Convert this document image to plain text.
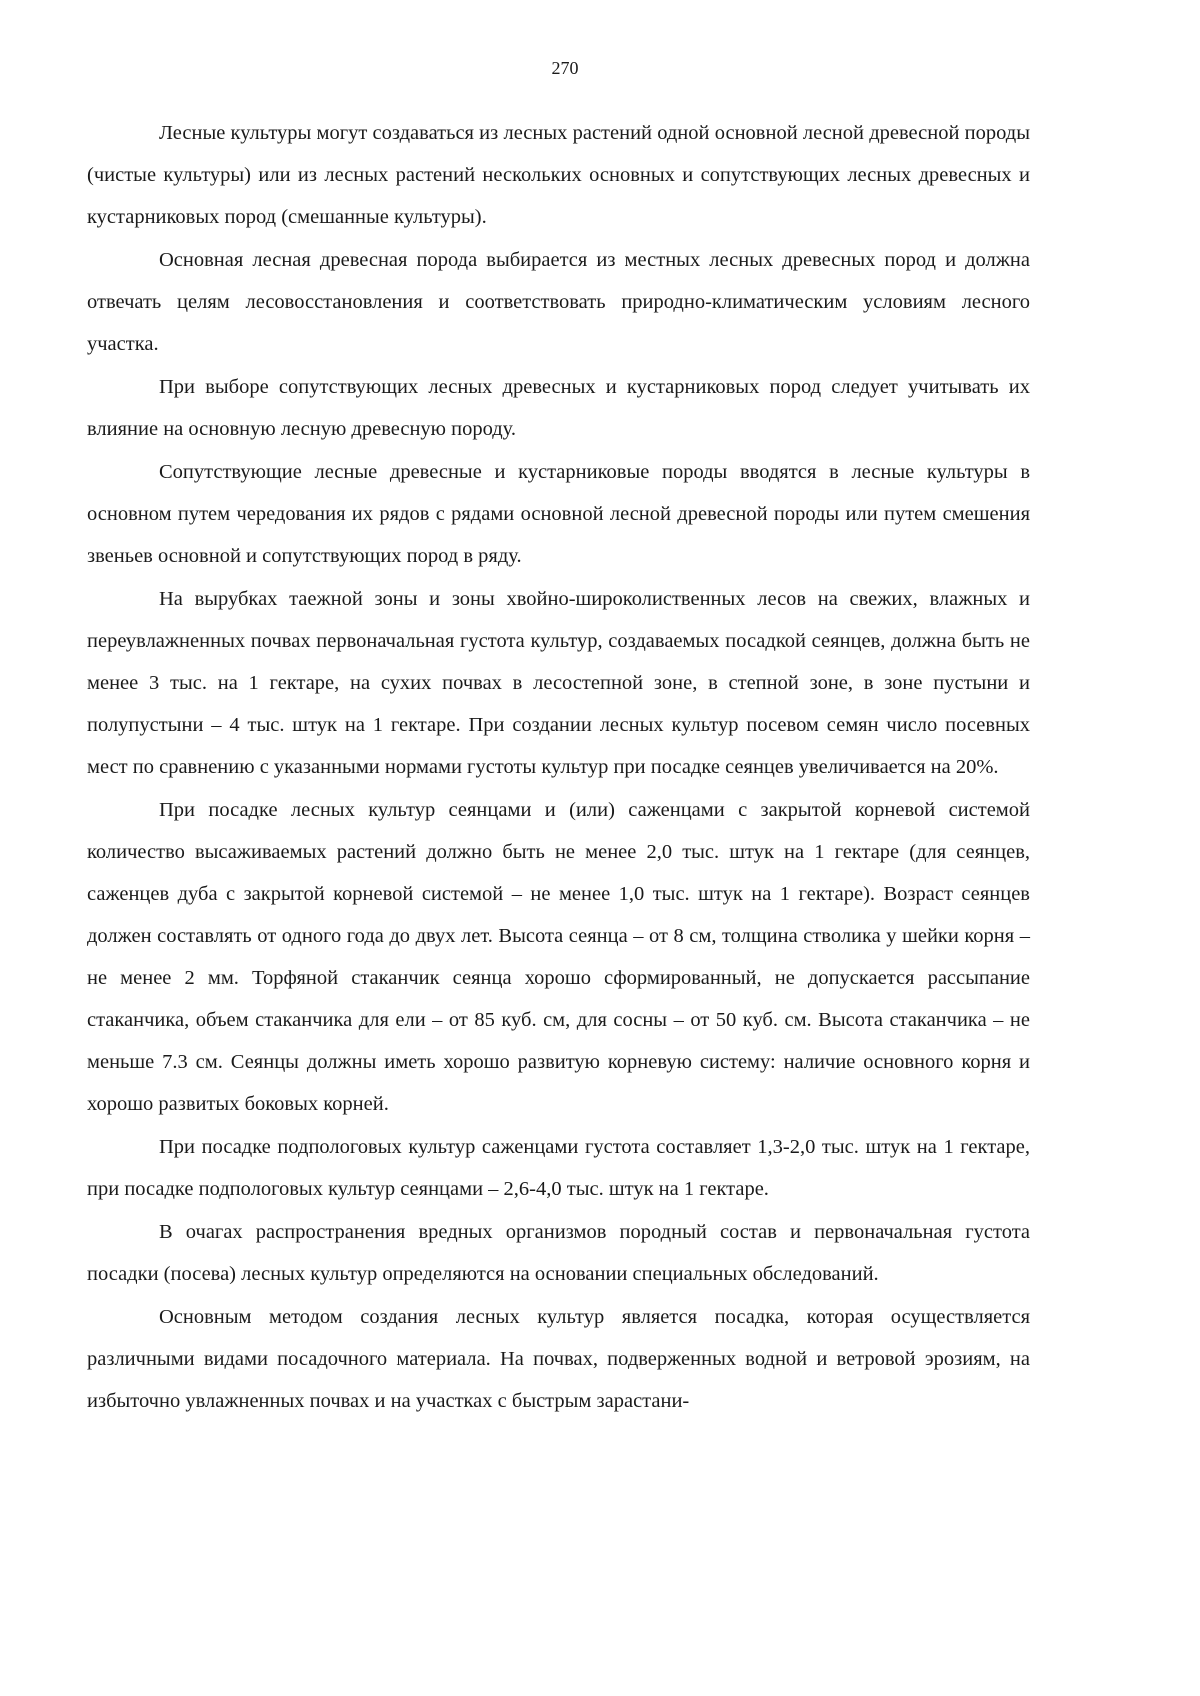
270

Лесные культуры могут создаваться из лесных растений одной основной лесной древесной породы (чистые культуры) или из лесных растений нескольких основных и сопутствующих лесных древесных и кустарниковых пород (смешанные культуры).

Основная лесная древесная порода выбирается из местных лесных древесных пород и должна отвечать целям лесовосстановления и соответствовать природно-климатическим условиям лесного участка.

При выборе сопутствующих лесных древесных и кустарниковых пород следует учитывать их влияние на основную лесную древесную породу.

Сопутствующие лесные древесные и кустарниковые породы вводятся в лесные культуры в основном путем чередования их рядов с рядами основной лесной древесной породы или путем смешения звеньев основной и сопутствующих пород в ряду.

На вырубках таежной зоны и зоны хвойно-широколиственных лесов на свежих, влажных и переувлажненных почвах первоначальная густота культур, создаваемых посадкой сеянцев, должна быть не менее 3 тыс. на 1 гектаре, на сухих почвах в лесостепной зоне, в степной зоне, в зоне пустыни и полупустыни – 4 тыс. штук на 1 гектаре. При создании лесных культур посевом семян число посевных мест по сравнению с указанными нормами густоты культур при посадке сеянцев увеличивается на 20%.

При посадке лесных культур сеянцами и (или) саженцами с закрытой корневой системой количество высаживаемых растений должно быть не менее 2,0 тыс. штук на 1 гектаре (для сеянцев, саженцев дуба с закрытой корневой системой – не менее 1,0 тыс. штук на 1 гектаре). Возраст сеянцев должен составлять от одного года до двух лет. Высота сеянца – от 8 см, толщина стволика у шейки корня – не менее 2 мм. Торфяной стаканчик сеянца хорошо сформированный, не допускается рассыпание стаканчика, объем стаканчика для ели – от 85 куб. см, для сосны – от 50 куб. см. Высота стаканчика – не меньше 7.3 см. Сеянцы должны иметь хорошо развитую корневую систему: наличие основного корня и хорошо развитых боковых корней.

При посадке подпологовых культур саженцами густота составляет 1,3-2,0 тыс. штук на 1 гектаре, при посадке подпологовых культур сеянцами – 2,6-4,0 тыс. штук на 1 гектаре.

В очагах распространения вредных организмов породный состав и первоначальная густота посадки (посева) лесных культур определяются на основании специальных обследований.

Основным методом создания лесных культур является посадка, которая осуществляется различными видами посадочного материала. На почвах, подверженных водной и ветровой эрозиям, на избыточно увлажненных почвах и на участках с быстрым зарастани-
